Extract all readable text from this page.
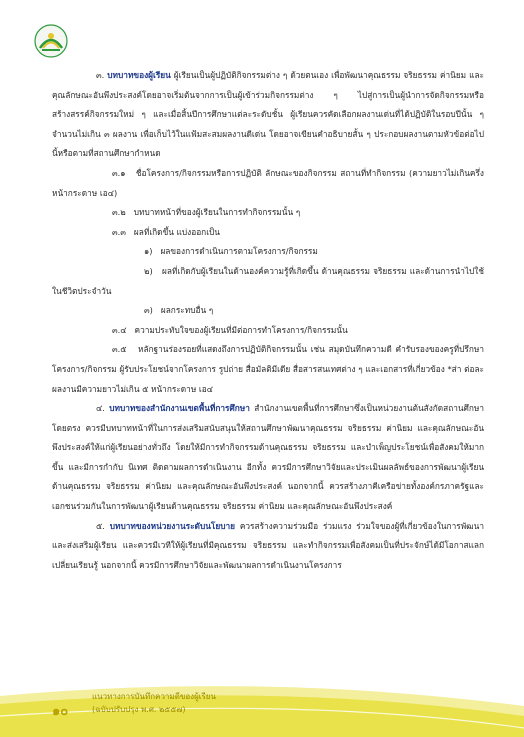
๓. บทบาทของผู้เรียน ผู้เรียนเป็นผู้ปฏิบัติกิจกรรมต่าง ๆ ด้วยตนเอง เพื่อพัฒนาคุณธรรม จริยธรรม ค่านิยม และคุณลักษณะอันพึงประสงค์โดยอาจเริ่มต้นจากการเป็นผู้เข้าร่วมกิจกรรมต่าง ๆ ไปสู่การเป็นผู้นำการจัดกิจกรรมหรือสร้างสรรค์กิจกรรมใหม่ ๆ และเมื่อสิ้นปีการศึกษาแต่ละระดับชั้น ผู้เรียนควรคัดเลือกผลงานเด่นที่ได้ปฏิบัติในรอบปีนั้น ๆ จำนวนไม่เกิน ๓ ผลงาน เพื่อเก็บไว้ในแฟ้มสะสมผลงานดีเด่น โดยอาจเขียนคำอธิบายสั้น ๆ ประกอบผลงานตามหัวข้อต่อไปนี้หรือตามที่สถานศึกษากำหนด

๓.๑ ชื่อโครงการ/กิจกรรมหรือการปฏิบัติ ลักษณะของกิจกรรม สถานที่ทำกิจกรรม (ความยาวไม่เกินครึ่งหน้ากระดาษ เอ๔)

๓.๒ บทบาทหน้าที่ของผู้เรียนในการทำกิจกรรมนั้น ๆ

๓.๓ ผลที่เกิดขึ้น แบ่งออกเป็น

๑) ผลของการดำเนินการตามโครงการ/กิจกรรม

๒) ผลที่เกิดกับผู้เรียนในด้านองค์ความรู้ที่เกิดขึ้น ด้านคุณธรรม จริยธรรม และด้านการนำไปใช้ในชีวิตประจำวัน

๓) ผลกระทบอื่น ๆ

๓.๔ ความประทับใจของผู้เรียนที่มีต่อการทำโครงการ/กิจกรรมนั้น

๓.๕ หลักฐานร่องรอยที่แสดงถึงการปฏิบัติกิจกรรมนั้น เช่น สมุดบันทึกความดี คำรับรองของครูที่ปรึกษาโครงการ/กิจกรรม ผู้รับประโยชน์จากโครงการ รูปถ่าย สื่อมัลติมีเดีย สื่อสารสนเทศต่าง ๆ และเอกสารที่เกี่ยวข้อง *ส่า ต่อละผลงานมีความยาวไม่เกิน ๕ หน้ากระดาษ เอ๔

๔. บทบาทของสำนักงานเขตพื้นที่การศึกษา สำนักงานเขตพื้นที่การศึกษาซึ่งเป็นหน่วยงานต้นสังกัดสถานศึกษาโดยตรง ควรมีบทบาทหน้าที่ในการส่งเสริมสนับสนุนให้สถานศึกษาพัฒนาคุณธรรม จริยธรรม ค่านิยม และคุณลักษณะอันพึงประสงค์ให้แก่ผู้เรียนอย่างทั่วถึง โดยให้มีการทำกิจกรรมด้านคุณธรรม จริยธรรม และบำเพ็ญประโยชน์เพื่อสังคมให้มากขึ้น และมีการกำกับ นิเทศ ติดตามผลการดำเนินงาน อีกทั้ง ควรมีการศึกษาวิจัยและประเมินผลลัพธ์ของการพัฒนาผู้เรียนด้านคุณธรรม จริยธรรม ค่านิยม และคุณลักษณะอันพึงประสงค์ นอกจากนี้ ควรสร้างภาคีเครือข่ายทั้งองค์กรภาครัฐและเอกชนร่วมกันในการพัฒนาผู้เรียนด้านคุณธรรม จริยธรรม ค่านิยม และคุณลักษณะอันพึงประสงค์

๕. บทบาทของหน่วยงานระดับนโยบาย ควรสร้างความร่วมมือ ร่วมแรง ร่วมใจของผู้ที่เกี่ยวข้องในการพัฒนาและส่งเสริมผู้เรียน และควรมีเวทีให้ผู้เรียนที่มีคุณธรรม จริยธรรม และทำกิจกรรมเพื่อสังคมเป็นที่ประจักษ์ได้มีโอกาสแลกเปลี่ยนเรียนรู้ นอกจากนี้ ควรมีการศึกษาวิจัยและพัฒนาผลการดำเนินงานโครงการ

๑๐
แนวทางการบันทึกความดีของผู้เรียน
(ฉบับปรับปรุง พ.ศ. ๒๕๕๗)
